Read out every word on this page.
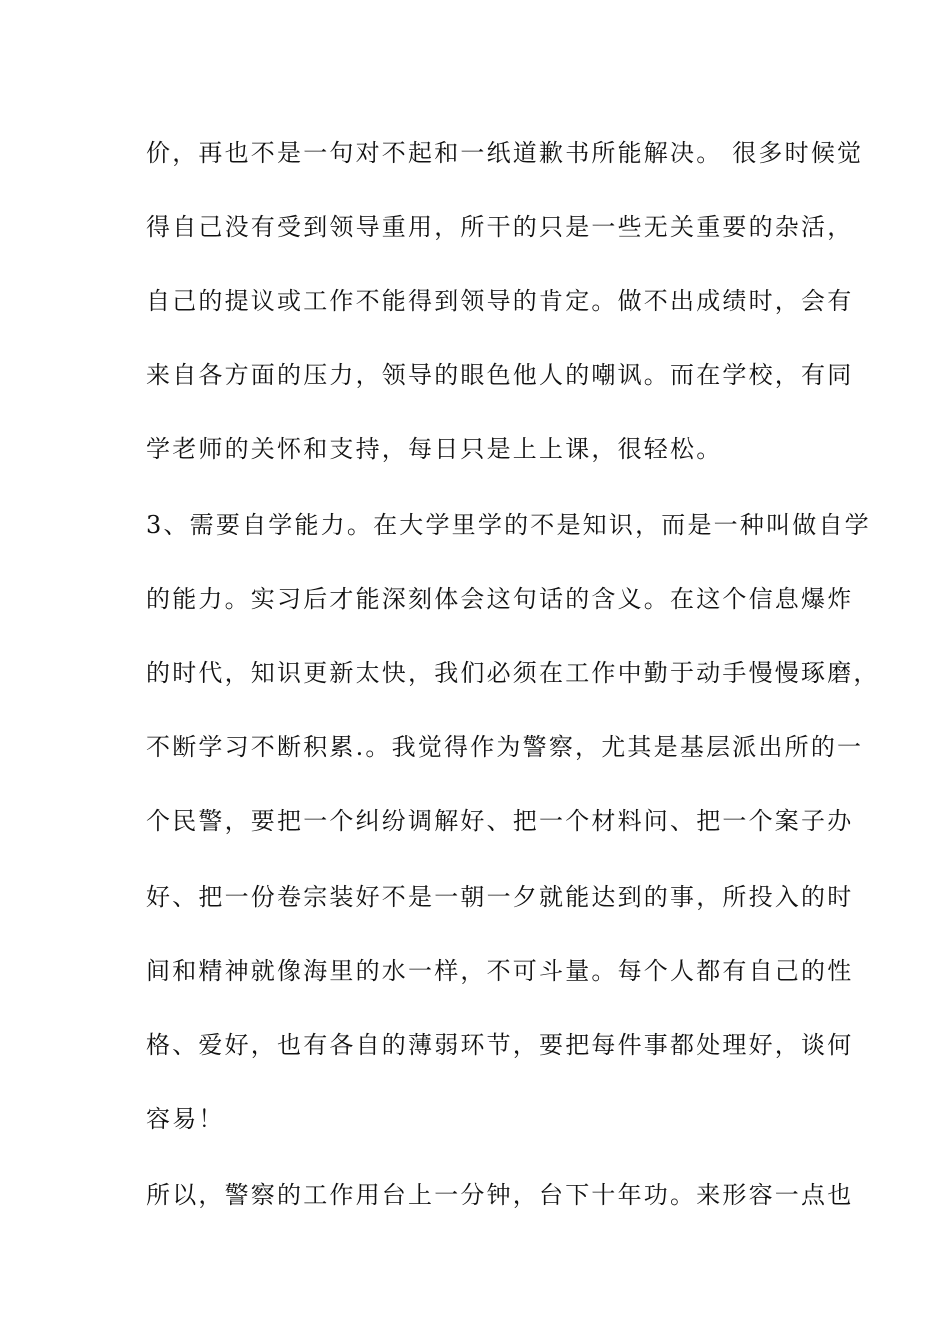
价，再也不是一句对不起和一纸道歉书所能解决。 很多时候觉
得自己没有受到领导重用，所干的只是一些无关重要的杂活，
自己的提议或工作不能得到领导的肯定。做不出成绩时，会有
来自各方面的压力，领导的眼色他人的嘲讽。而在学校，有同
学老师的关怀和支持，每日只是上上课，很轻松。
3、需要自学能力。在大学里学的不是知识，而是一种叫做自学
的能力。实习后才能深刻体会这句话的含义。在这个信息爆炸
的时代，知识更新太快，我们必须在工作中勤于动手慢慢琢磨，
不断学习不断积累.。我觉得作为警察，尤其是基层派出所的一
个民警，要把一个纠纷调解好、把一个材料问、把一个案子办
好、把一份卷宗装好不是一朝一夕就能达到的事，所投入的时
间和精神就像海里的水一样，不可斗量。每个人都有自己的性
格、爱好，也有各自的薄弱环节，要把每件事都处理好，谈何
容易！
所以，警察的工作用台上一分钟，台下十年功。来形容一点也
